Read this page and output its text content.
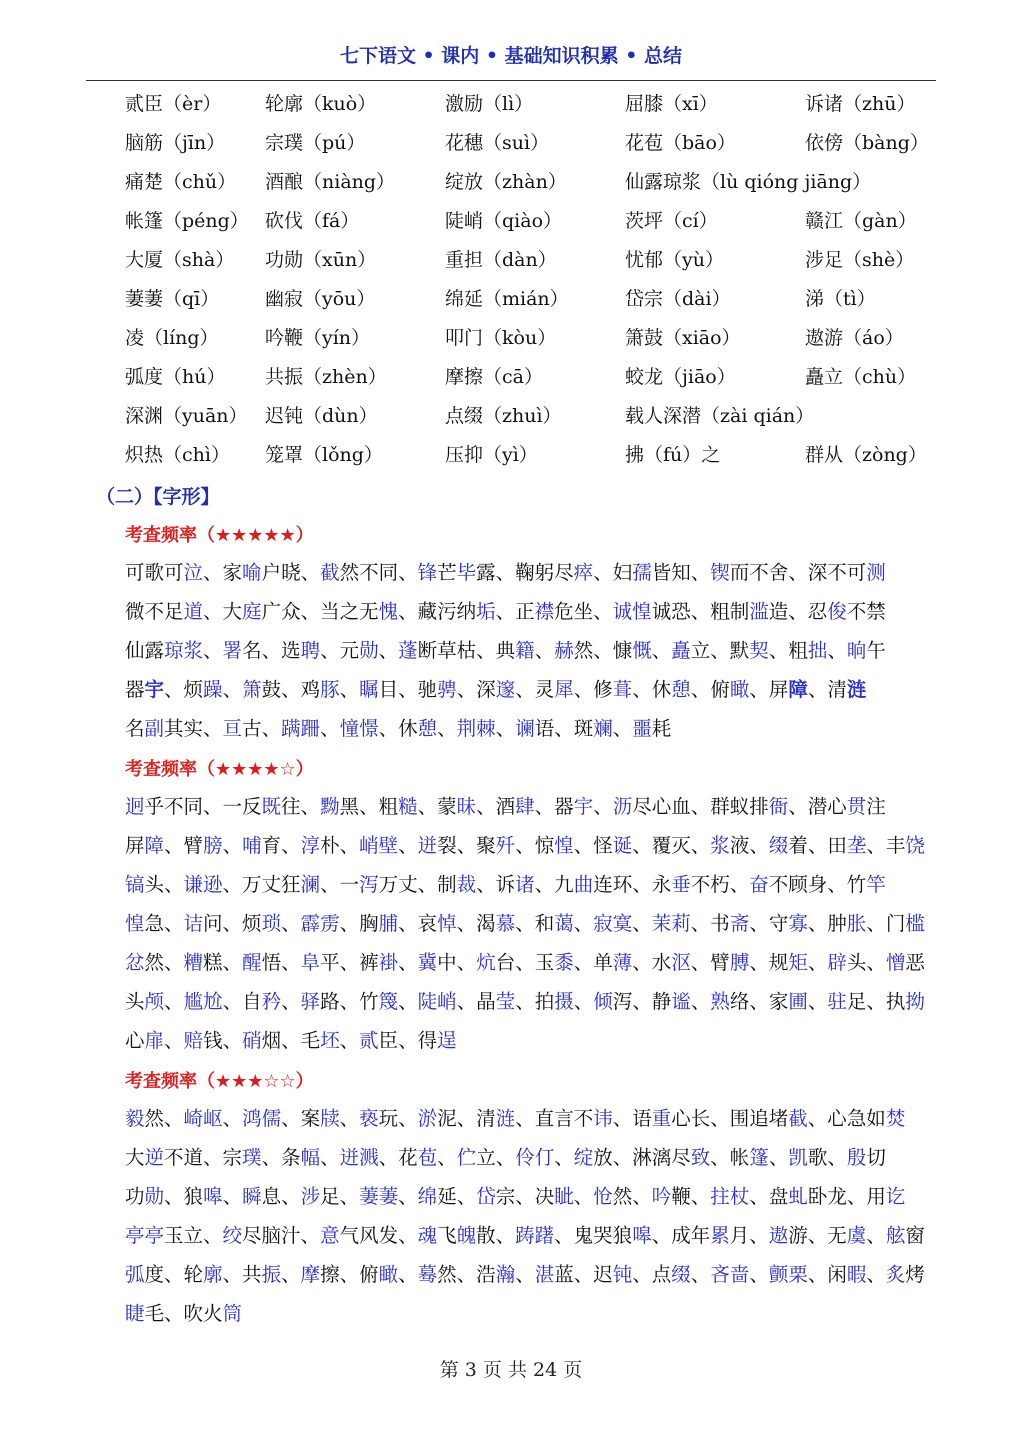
七下语文 • 课内 • 基础知识积累 • 总结
贰臣（èr） 轮廓（kuò）	激励（lì）	屈膝（xī）	诉诸（zhū）
脑筋（jīn） 宗璞（pú）	花穗（suì）	花苞（bāo）	依傍（bàng）
痛楚（chǔ） 酒酿（niàng）	绽放（zhàn）	仙露琼浆（lù qióng jiāng）
帐篷（péng） 砍伐（fá）	陡峭（qiào）	茨坪（cí）	赣江（gàn）
大厦（shà） 功勋（xūn）	重担（dàn）	忧郁（yù）	涉足（shè）
萋萋（qī） 幽寂（yōu）	绵延（mián）	岱宗（dài）	涕（tì）
凌（líng） 吟鞭（yín）	叩门（kòu）	箫鼓（xiāo）	遨游（áo）
弧度（hú） 共振（zhèn）	摩擦（cā）	蛟龙（jiāo）	矗立（chù）
深渊（yuān） 迟钝（dùn）	点缀（zhuì）	载人深潜（zài qián）
炽热（chì） 笼罩（lǒng）	压抑（yì）	拂（fú）之	群从（zòng）
（二）【字形】
考查频率（★★★★★）
可歌可泣、家喻户晓、截然不同、锋芒毕露、鞠躬尽瘁、妇孺皆知、锲而不舍、深不可测
微不足道、大庭广众、当之无愧、藏污纳垢、正襟危坐、诚惶诚恐、粗制滥造、忍俊不禁
仙露琼浆、署名、选聘、元勋、蓬断草枯、典籍、赫然、慷慨、矗立、默契、粗拙、晌午
器宇、烦躁、箫鼓、鸡豚、瞩目、驰骋、深邃、灵犀、修葺、休憩、俯瞰、屏障、清涟
名副其实、亘古、蹒跚、憧憬、休憩、荆棘、谰语、斑斓、噩耗
考查频率（★★★★☆）
迥乎不同、一反既往、黝黑、粗糙、蒙昧、酒肆、器宇、沥尽心血、群蚁排衙、潜心贯注
屏障、臂膀、哺育、淳朴、峭壁、迸裂、聚歼、惊惶、怪诞、覆灭、浆液、缀着、田垄、丰饶
镐头、谦逊、万丈狂澜、一泻万丈、制裁、诉诸、九曲连环、永垂不朽、奋不顾身、竹竿
惶急、诘问、烦琐、霹雳、胸脯、哀悼、渴慕、和蔼、寂寞、茉莉、书斋、守寡、肿胀、门槛
忿然、糟糕、醒悟、阜平、裤褂、冀中、炕台、玉黍、单薄、水沤、臂膊、规矩、辟头、憎恶
头颅、尴尬、自矜、驿路、竹篾、陡峭、晶莹、拍摄、倾泻、静谧、熟络、家圃、驻足、执拗
心扉、赔钱、硝烟、毛坯、贰臣、得逞
考查频率（★★★☆☆）
毅然、崎岖、鸿儒、案牍、亵玩、淤泥、清涟、直言不讳、语重心长、围追堵截、心急如焚
大逆不道、宗璞、条幅、迸溅、花苞、伫立、伶仃、绽放、淋漓尽致、帐篷、凯歌、殷切
功勋、狼嗥、瞬息、涉足、萋萋、绵延、岱宗、决眦、怆然、吟鞭、拄杖、盘虬卧龙、用讫
亭亭玉立、绞尽脑汁、意气风发、魂飞魄散、踌躇、鬼哭狼嗥、成年累月、遨游、无虞、舷窗
弧度、轮廓、共振、摩擦、俯瞰、蓦然、浩瀚、湛蓝、迟钝、点缀、吝啬、颤栗、闲暇、炙烤
睫毛、吹火筒
第 3 页 共 24 页
